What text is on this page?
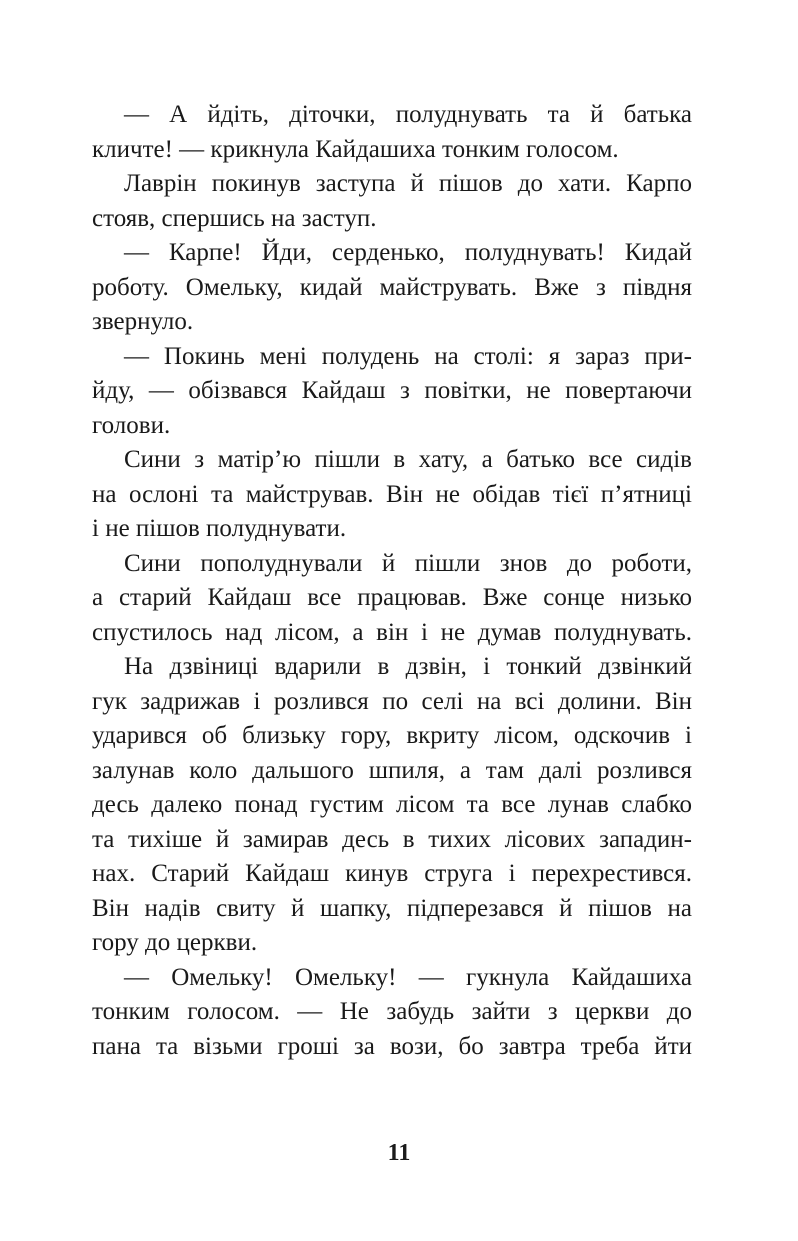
— А йдіть, діточки, полуднувать та й батька
кличте! — крикнула Кайдашиха тонким голосом.
Лаврін покинув заступа й пішов до хати. Карпо
стояв, спершись на заступ.
— Карпе! Йди, серденько, полуднувать! Кидай
роботу. Омельку, кидай майструвать. Вже з півдня
звернуло.
— Покинь мені полудень на столі: я зараз при-
йду, — обізвався Кайдаш з повітки, не повертаючи
голови.
Сини з матір’ю пішли в хату, а батько все сидів
на ослоні та майстрував. Він не обідав тієї п’ятниці
і не пішов полуднувати.
Сини пополуднували й пішли знов до роботи,
а старий Кайдаш все працював. Вже сонце низько
спустилось над лісом, а він і не думав полуднувать.
На дзвіниці вдарили в дзвін, і тонкий дзвінкий
гук задрижав і розлився по селі на всі долини. Він
ударився об близьку гору, вкриту лісом, одскочив і
залунав коло дальшого шпиля, а там далі розлився
десь далеко понад густим лісом та все лунав слабко
та тихіше й замирав десь в тихих лісових западин-
нах. Старий Кайдаш кинув струга і перехрестився.
Він надів свиту й шапку, підперезався й пішов на
гору до церкви.
— Омельку! Омельку! — гукнула Кайдашиха
тонким голосом. — Не забудь зайти з церкви до
пана та візьми гроші за вози, бо завтра треба йти
11
